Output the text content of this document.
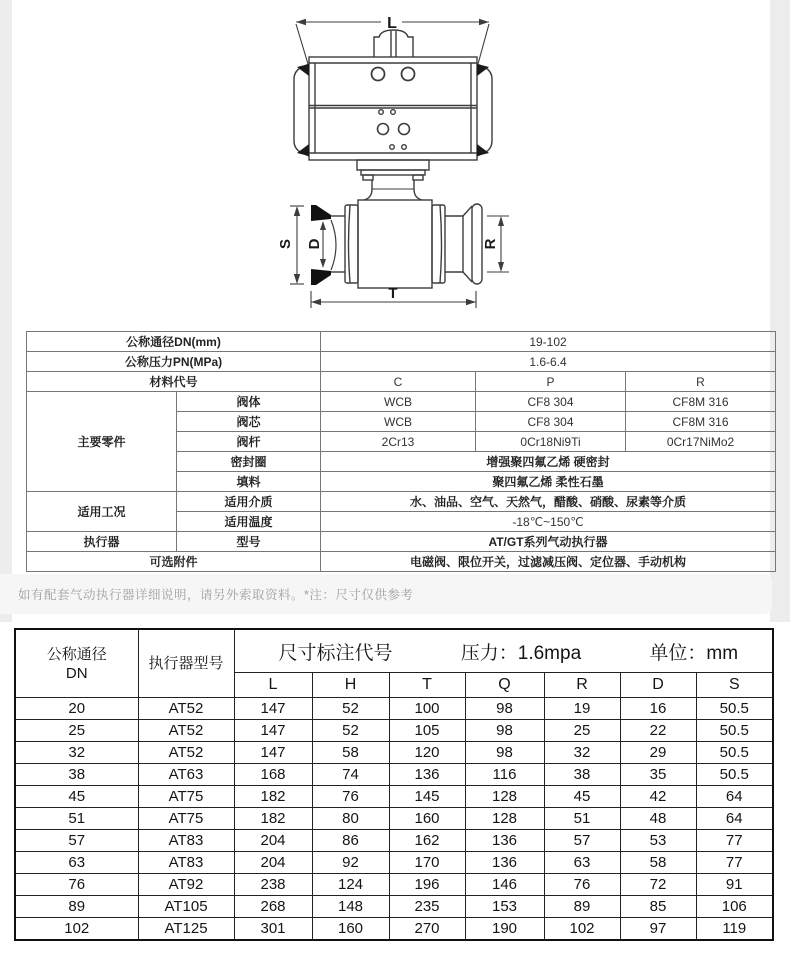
L
S D	R
T
公称通径DN(mm)		19-102		
公称压力PN(MPa)		1.6-6.4		
材料代号		C	P	R
主要零件	阀体	WCB	CF8 304	CF8M 316
	阀芯	WCB	CF8 304	CF8M 316
	阀杆	2Cr13	0Cr18Ni9Ti	0Cr17NiMo2
	密封圈	增强聚四氟乙烯 硬密封		
	填料	聚四氟乙烯 柔性石墨		
适用工况	适用介质	水、油品、空气、天然气，醋酸、硝酸、尿素等介质		
	适用温度	-18℃~150℃		
执行器	型号	AT/GT系列气动执行器		
可选附件		电磁阀、限位开关，过滤减压阀、定位器、手动机构		
如有配套气动执行器详细说明，请另外索取资料。*注：尺寸仅供参考
公称通径
DN
	执行器型号	尺寸标注代号	压力：1.6mpa	单位：mm

		L	H	T	Q	R	D	S
20	AT52	147	52	100	98	19	16	50.5
25	AT52	147	52	105	98	25	22	50.5
32	AT52	147	58	120	98	32	29	50.5
38	AT63	168	74	136	116	38	35	50.5
45	AT75	182	76	145	128	45	42	64
51	AT75	182	80	160	128	51	48	64
57	AT83	204	86	162	136	57	53	77
63	AT83	204	92	170	136	63	58	77
76	AT92	238	124	196	146	76	72	91
89	AT105	268	148	235	153	89	85	106
102	AT125	301	160	270	190	102	97	119
